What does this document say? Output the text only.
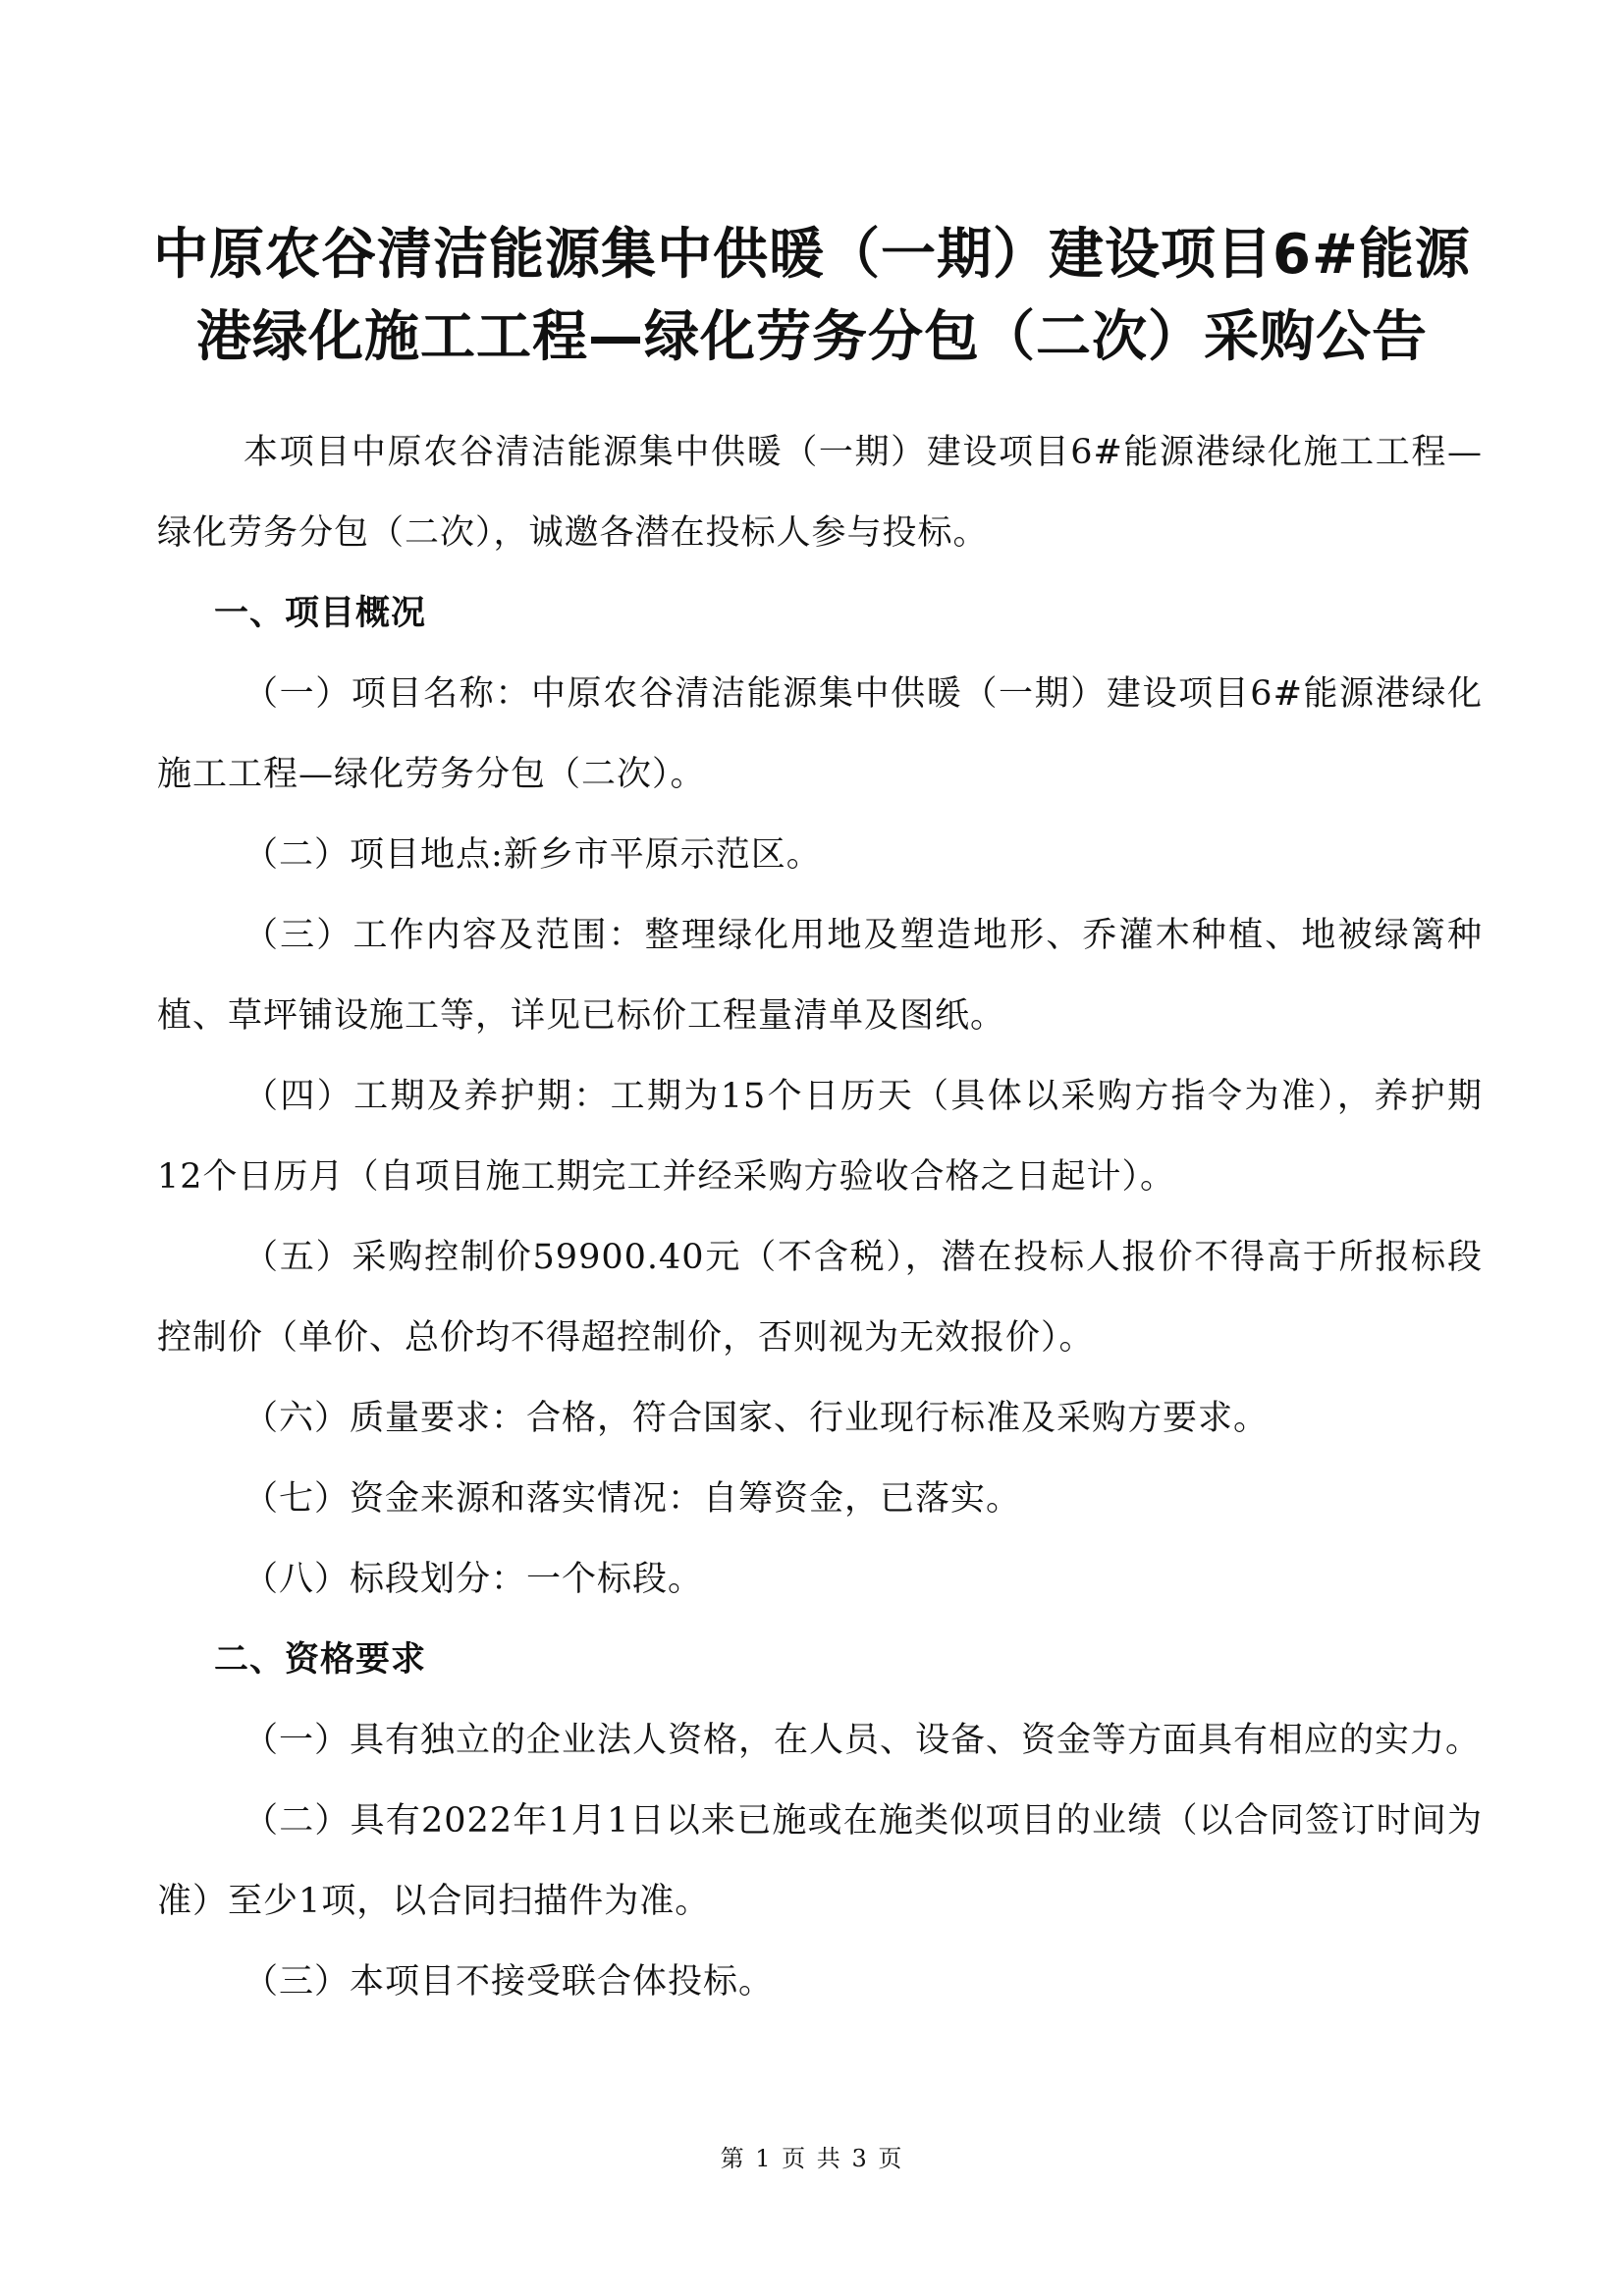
中原农谷清洁能源集中供暖（一期）建设项目6#能源
港绿化施工工程—绿化劳务分包（二次）采购公告

本项目中原农谷清洁能源集中供暖（一期）建设项目6#能源港绿化施工工程—绿化劳务分包（二次），诚邀各潜在投标人参与投标。

一、项目概况

（一）项目名称：中原农谷清洁能源集中供暖（一期）建设项目6#能源港绿化施工工程—绿化劳务分包（二次）。

（二）项目地点:新乡市平原示范区。

（三）工作内容及范围：整理绿化用地及塑造地形、乔灌木种植、地被绿篱种植、草坪铺设施工等，详见已标价工程量清单及图纸。

（四）工期及养护期：工期为15个日历天（具体以采购方指令为准），养护期12个日历月（自项目施工期完工并经采购方验收合格之日起计）。

（五）采购控制价59900.40元（不含税），潜在投标人报价不得高于所报标段控制价（单价、总价均不得超控制价，否则视为无效报价）。

（六）质量要求：合格，符合国家、行业现行标准及采购方要求。

（七）资金来源和落实情况：自筹资金，已落实。

（八）标段划分：一个标段。

二、资格要求

（一）具有独立的企业法人资格，在人员、设备、资金等方面具有相应的实力。

（二）具有2022年1月1日以来已施或在施类似项目的业绩（以合同签订时间为准）至少1项，以合同扫描件为准。

（三）本项目不接受联合体投标。

第 1 页 共 3 页
